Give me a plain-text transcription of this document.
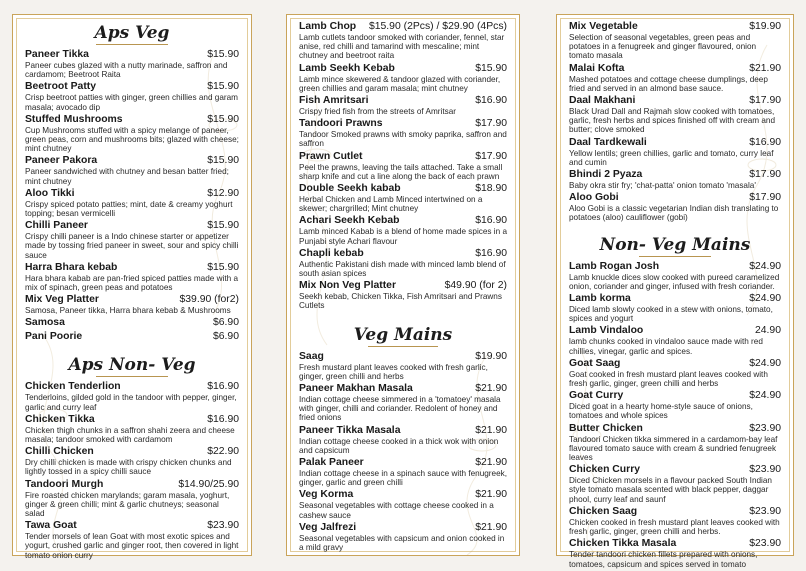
Aps Veg
Paneer Tikka	$15.90
Paneer cubes glazed with a nutty marinade, saffron and cardamom; Beetroot Raita
Beetroot Patty	$15.90
Crisp beetroot patties with ginger, green chillies and garam masala; avocado dip
Stuffed Mushrooms	$15.90
Cup Mushrooms stuffed with a spicy melange of paneer, green peas, corn and mushrooms bits; glazed with cheese; mint chutney
Paneer Pakora	$15.90
Paneer sandwiched with chutney and besan batter fried; mint chutney
Aloo Tikki	$12.90
Crispy spiced potato patties; mint, date & creamy yoghurt topping; besan vermicelli
Chilli Paneer	$15.90
Crispy chilli paneer is a Indo chinese starter or appetizer made by tossing fried paneer in sweet, sour and spicy chilli sauce
Harra Bhara kebab	$15.90
Hara bhara kabab are pan-fried spiced patties made with a mix of spinach, green peas and potatoes
Mix Veg Platter	$39.90 (for2)
Samosa, Paneer tikka, Harra bhara kebab & Mushrooms
Samosa	$6.90
Pani Poorie	$6.90
Aps Non- Veg
Chicken Tenderlion	$16.90
Tenderloins, gilded gold in the tandoor with pepper, ginger, garlic and curry leaf
Chicken Tikka	$16.90
Chicken thigh chunks in a saffron shahi zeera and cheese masala; tandoor smoked with cardamom
Chilli Chicken	$22.90
Dry chilli chicken is made with crispy chicken chunks and lightly tossed in a spicy chilli sauce
Tandoori Murgh	$14.90/25.90
Fire roasted chicken marylands; garam masala, yoghurt, ginger & green chilli; mint & garlic chutneys; seasonal salad
Tawa Goat	$23.90
Tender morsels of lean Goat with most exotic spices and yogurt, crushed garlic and ginger root, then covered in light tomato onion curry
Lamb Chop	$15.90 (2Pcs) / $29.90 (4Pcs)
Lamb cutlets tandoor smoked with coriander, fennel, star anise, red chilli and tamarind with mescaline; mint chutney and beetroot raita
Lamb Seekh Kebab	$15.90
Lamb mince skewered & tandoor glazed with coriander, green chillies and garam masala; mint chutney
Fish Amritsari	$16.90
Crispy fried fish from the streets of Amritsar
Tandoori Prawns	$17.90
Tandoor Smoked prawns with smoky paprika, saffron and saffron
Prawn Cutlet	$17.90
Peel the prawns, leaving the tails attached. Take a small sharp knife and cut a line along the back of each prawn
Double Seekh kabab	$18.90
Herbal Chicken and Lamb Minced intertwined on a skewer; chargrilled; Mint chutney
Achari Seekh Kebab	$16.90
Lamb minced Kabab is a blend of home made spices in a Punjabi style Achari flavour
Chapli kebab	$16.90
Authentic Pakistani dish made with minced lamb blend of south asian spices
Mix Non Veg Platter	$49.90 (for 2)
Seekh kebab, Chicken Tikka, Fish Amritsari and Prawns Cutlets
Veg Mains
Saag	$19.90
Fresh mustard plant leaves cooked with fresh garlic, ginger, green chilli and herbs
Paneer Makhan Masala	$21.90
Indian cottage cheese simmered in a 'tomatoey' masala with ginger, chilli and coriander. Redolent of honey and fried onions
Paneer Tikka Masala	$21.90
Indian cottage cheese cooked in a thick wok with onion and capsicum
Palak Paneer	$21.90
Indian cottage cheese in a spinach sauce with fenugreek, ginger, garlic and green chilli
Veg Korma	$21.90
Seasonal vegetables with cottage cheese cooked in a cashew sauce
Veg Jalfrezi	$21.90
Seasonal vegetables with capsicum and onion cooked in a mild gravy
Mix Vegetable	$19.90
Selection of seasonal vegetables, green peas and potatoes in a fenugreek and ginger flavoured, onion tomato masala
Malai Kofta	$21.90
Mashed potatoes and cottage cheese dumplings, deep fried and served in an almond base sauce.
Daal Makhani	$17.90
Black Urad Dall and Rajmah slow cooked with tomatoes, garlic, fresh herbs and spices finished off with cream and butter; clove smoked
Daal Tardkewali	$16.90
Yellow lentils; green chillies, garlic and tomato, curry leaf and cumin
Bhindi 2 Pyaza	$17.90
Baby okra stir fry; 'chat-patta' onion tomato 'masala'
Aloo Gobi	$17.90
Aloo Gobi is a classic vegetarian Indian dish translating to potatoes (aloo) cauliflower (gobi)
Non- Veg Mains
Lamb Rogan Josh	$24.90
Lamb knuckle dices slow cooked with pureed caramelized onion, coriander and ginger, infused with fresh coriander.
Lamb korma	$24.90
Diced lamb slowly cooked in a stew with onions, tomato, spices and yogurt
Lamb Vindaloo	24.90
lamb chunks cooked in vindaloo sauce made with red chillies, vinegar, garlic and spices.
Goat Saag	$24.90
Goat cooked in fresh mustard plant leaves cooked with fresh garlic, ginger, green chilli and herbs
Goat Curry	$24.90
Diced goat in a hearty home-style sauce of onions, tomatoes and whole spices
Butter Chicken	$23.90
Tandoori Chicken tikka simmered in a cardamom-bay leaf flavoured tomato sauce with cream & sundried fenugreek leaves
Chicken Curry	$23.90
Diced Chicken morsels in a flavour packed South Indian style tomato masala scented with black pepper, daggar phool, curry leaf and saunf
Chicken Saag	$23.90
Chicken cooked in fresh mustard plant leaves cooked with fresh garlic, ginger, green chilli and herbs.
Chicken Tikka Masala	$23.90
Tender tandoori chicken fillets prepared with onions, tomatoes, capsicum and spices served in tomato
